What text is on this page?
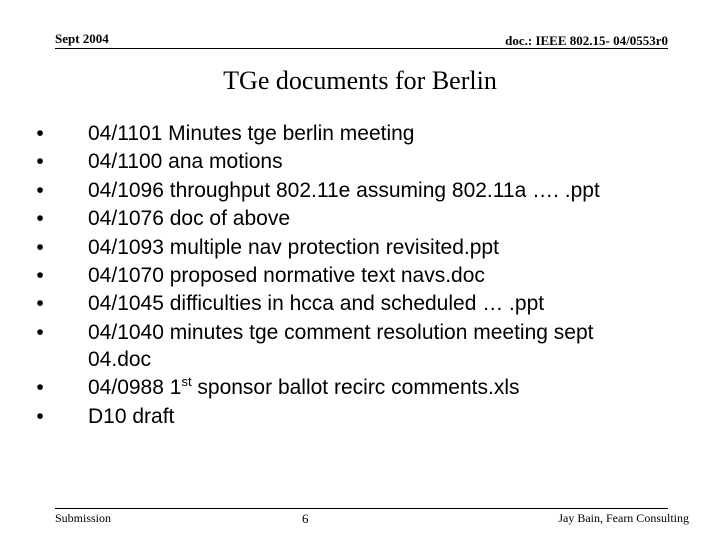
Sept 2004	doc.: IEEE 802.15- 04/0553r0
TGe documents for Berlin
•	04/1101 Minutes tge berlin meeting
•	04/1100 ana motions
•	04/1096 throughput 802.11e assuming 802.11a …. .ppt
•	04/1076 doc of above
•	04/1093 multiple nav protection revisited.ppt
•	04/1070 proposed normative text navs.doc
•	04/1045 difficulties in hcca and scheduled … .ppt
•	04/1040 minutes tge comment resolution meeting sept 04.doc
•	04/0988 1st sponsor ballot recirc comments.xls
•	D10 draft
Submission	6	Jay Bain, Fearn Consulting
